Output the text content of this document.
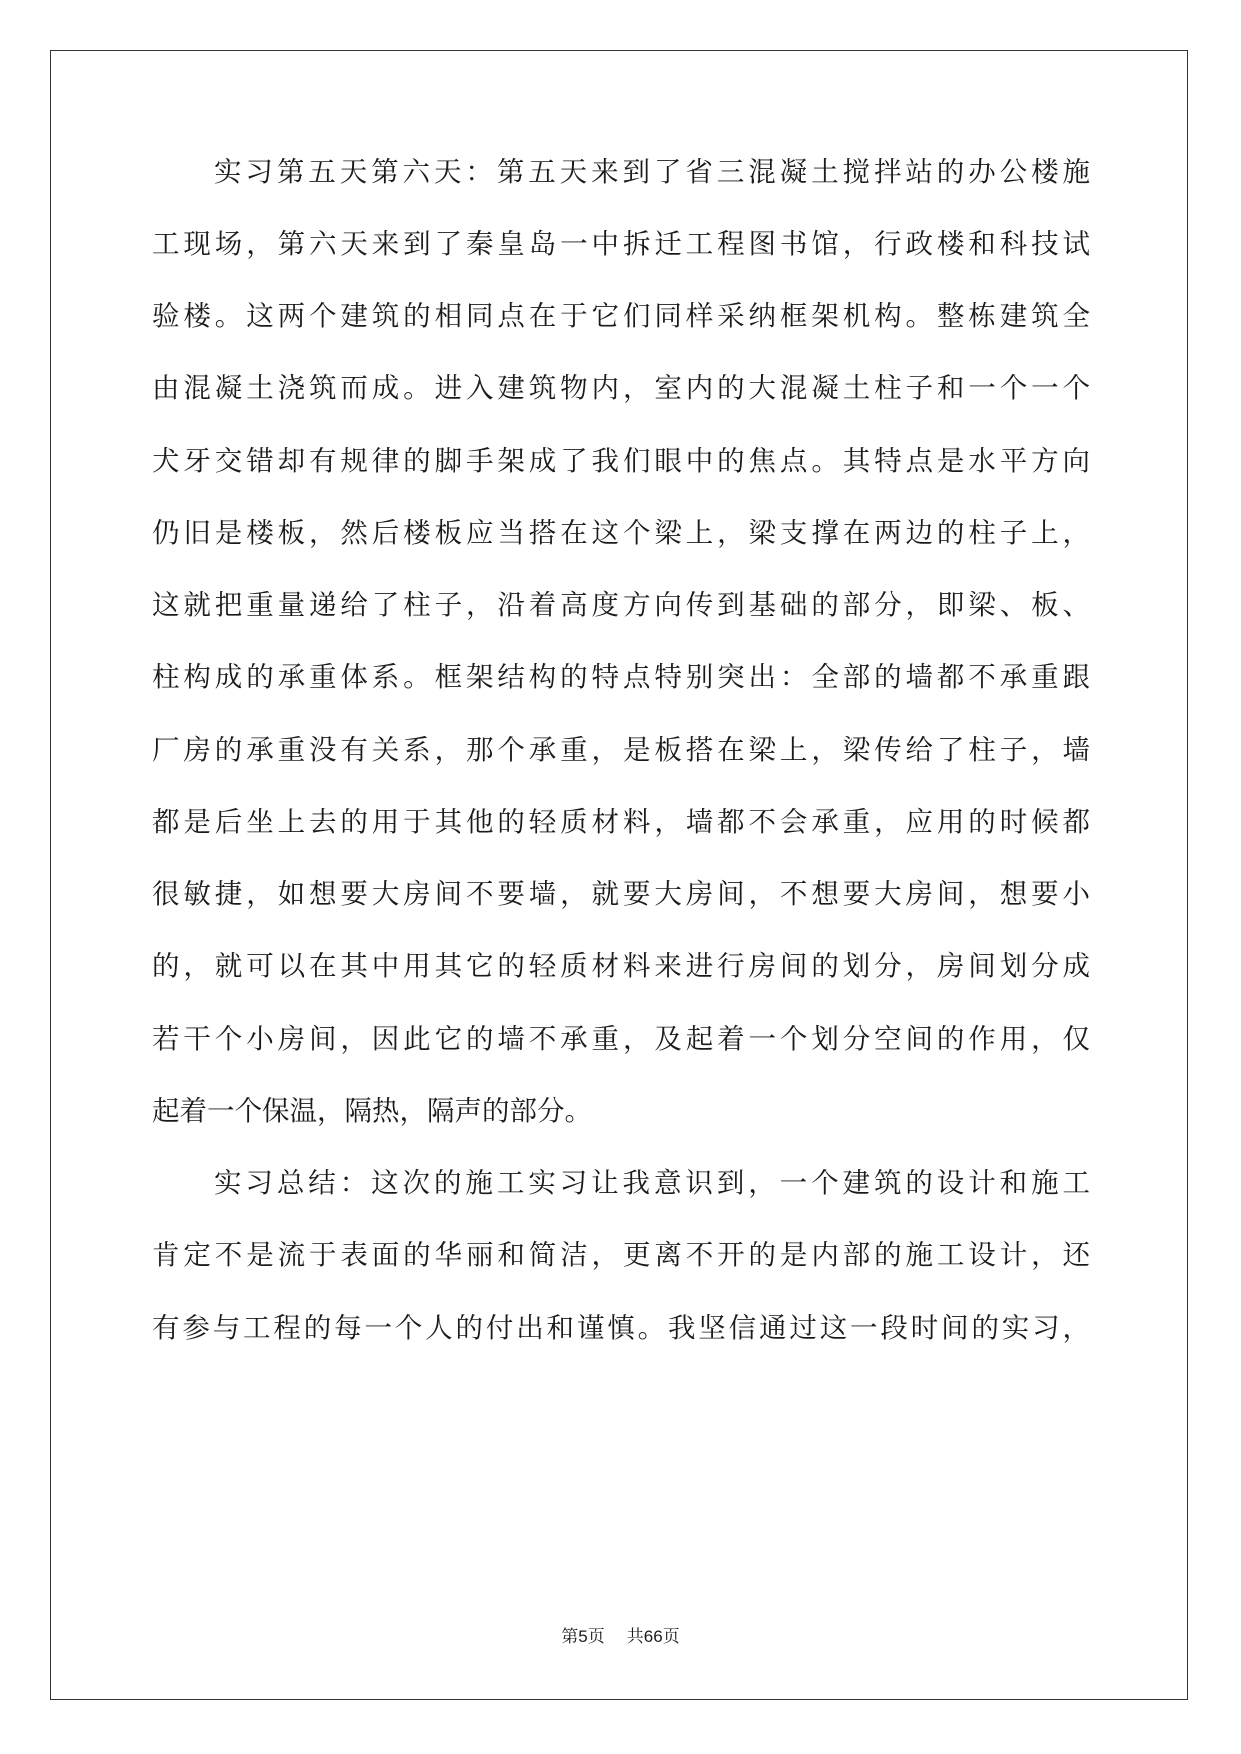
实习第五天第六天：第五天来到了省三混凝土搅拌站的办公楼施
工现场，第六天来到了秦皇岛一中拆迁工程图书馆，行政楼和科技试
验楼。这两个建筑的相同点在于它们同样采纳框架机构。整栋建筑全
由混凝土浇筑而成。进入建筑物内，室内的大混凝土柱子和一个一个
犬牙交错却有规律的脚手架成了我们眼中的焦点。其特点是水平方向
仍旧是楼板，然后楼板应当搭在这个梁上，梁支撑在两边的柱子上，
这就把重量递给了柱子，沿着高度方向传到基础的部分，即梁、板、
柱构成的承重体系。框架结构的特点特别突出：全部的墙都不承重跟
厂房的承重没有关系，那个承重，是板搭在梁上，梁传给了柱子，墙
都是后坐上去的用于其他的轻质材料，墙都不会承重，应用的时候都
很敏捷，如想要大房间不要墙，就要大房间，不想要大房间，想要小
的，就可以在其中用其它的轻质材料来进行房间的划分，房间划分成
若干个小房间，因此它的墙不承重，及起着一个划分空间的作用，仅
起着一个保温，隔热，隔声的部分。
实习总结：这次的施工实习让我意识到，一个建筑的设计和施工
肯定不是流于表面的华丽和简洁，更离不开的是内部的施工设计，还
有参与工程的每一个人的付出和谨慎。我坚信通过这一段时间的实习，
第5页 共66页
